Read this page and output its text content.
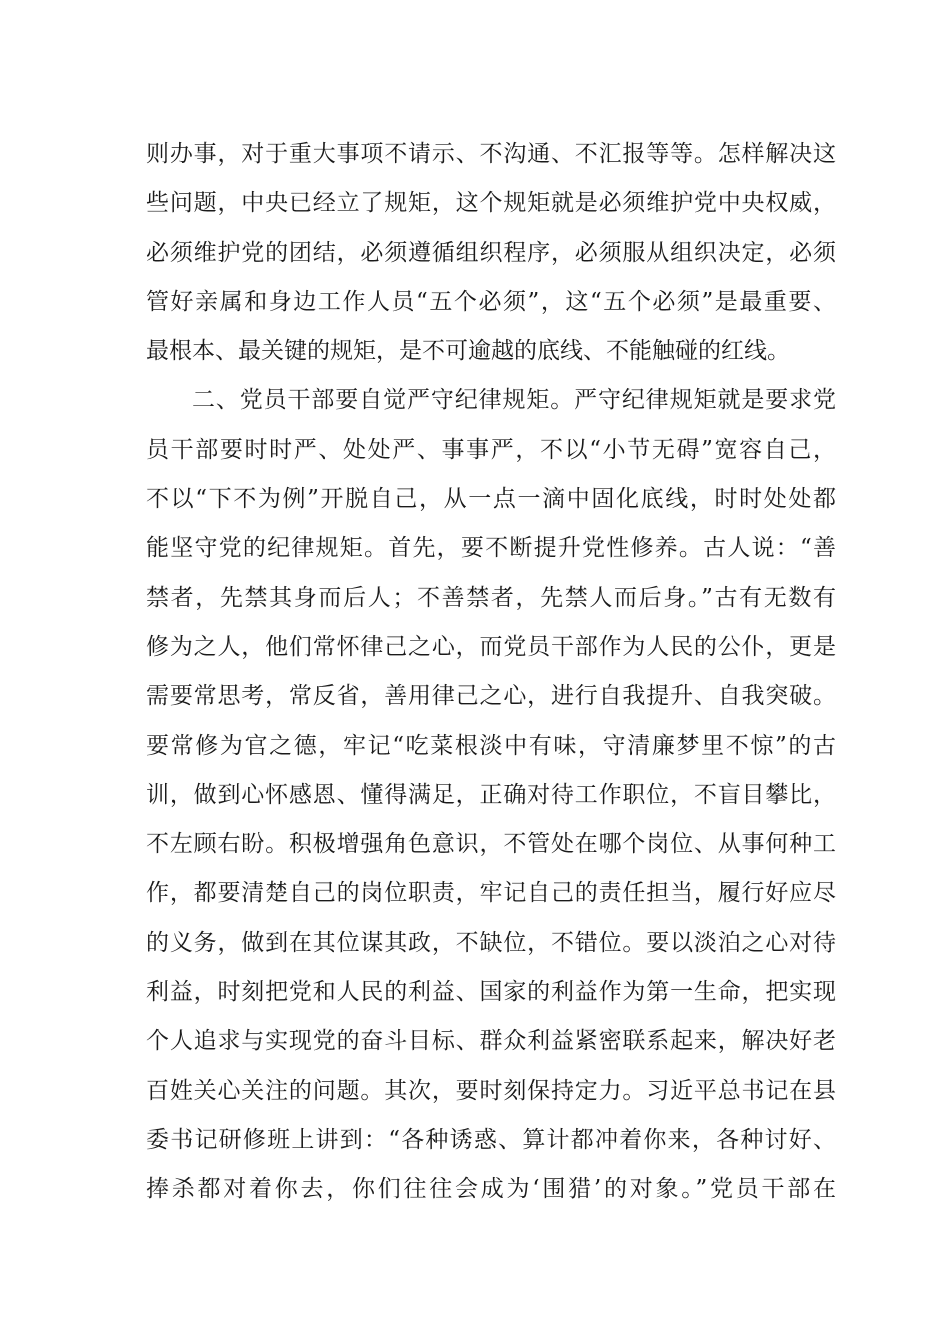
则办事，对于重大事项不请示、不沟通、不汇报等等。怎样解决这
些问题，中央已经立了规矩，这个规矩就是必须维护党中央权威，
必须维护党的团结，必须遵循组织程序，必须服从组织决定，必须
管好亲属和身边工作人员“五个必须”，这“五个必须”是最重要、
最根本、最关键的规矩，是不可逾越的底线、不能触碰的红线。
二、党员干部要自觉严守纪律规矩。严守纪律规矩就是要求党
员干部要时时严、处处严、事事严，不以“小节无碍”宽容自己，
不以“下不为例”开脱自己，从一点一滴中固化底线，时时处处都
能坚守党的纪律规矩。首先，要不断提升党性修养。古人说：“善
禁者，先禁其身而后人；不善禁者，先禁人而后身。”古有无数有
修为之人，他们常怀律己之心，而党员干部作为人民的公仆，更是
需要常思考，常反省，善用律己之心，进行自我提升、自我突破。
要常修为官之德，牢记“吃菜根淡中有味，守清廉梦里不惊”的古
训，做到心怀感恩、懂得满足，正确对待工作职位，不盲目攀比，
不左顾右盼。积极增强角色意识，不管处在哪个岗位、从事何种工
作，都要清楚自己的岗位职责，牢记自己的责任担当，履行好应尽
的义务，做到在其位谋其政，不缺位，不错位。要以淡泊之心对待
利益，时刻把党和人民的利益、国家的利益作为第一生命，把实现
个人追求与实现党的奋斗目标、群众利益紧密联系起来，解决好老
百姓关心关注的问题。其次，要时刻保持定力。习近平总书记在县
委书记研修班上讲到：“各种诱惑、算计都冲着你来，各种讨好、
捧杀都对着你去，你们往往会成为‘围猎’的对象。”党员干部在
